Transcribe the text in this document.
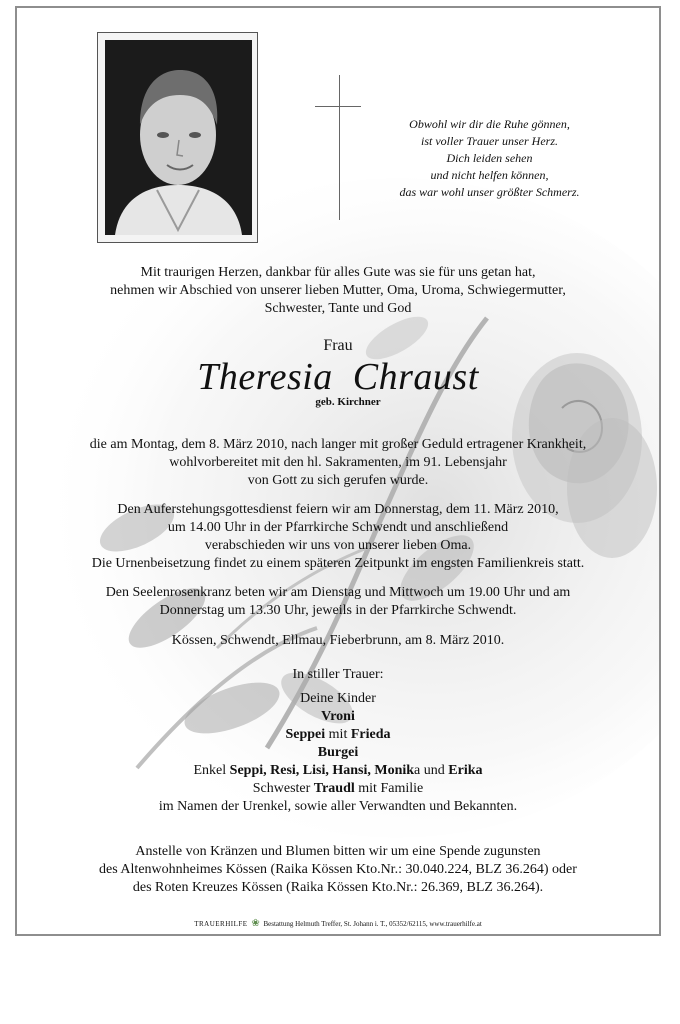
Obwohl wir dir die Ruhe gönnen,
ist voller Trauer unser Herz.
Dich leiden sehen
und nicht helfen können,
das war wohl unser größter Schmerz.
Mit traurigen Herzen, dankbar für alles Gute was sie für uns getan hat,
nehmen wir Abschied von unserer lieben Mutter, Oma, Uroma, Schwiegermutter,
Schwester, Tante und God
Frau
Theresia  Chraust
geb. Kirchner
die am Montag, dem 8. März 2010, nach langer mit großer Geduld ertragener Krankheit,
wohlvorbereitet mit den hl. Sakramenten, im 91. Lebensjahr
von Gott zu sich gerufen wurde.
Den Auferstehungsgottesdienst feiern wir am Donnerstag, dem 11. März 2010,
um 14.00 Uhr in der Pfarrkirche Schwendt und anschließend
verabschieden wir uns von unserer lieben Oma.
Die Urnenbeisetzung findet zu einem späteren Zeitpunkt im engsten Familienkreis statt.
Den Seelenrosenkranz beten wir am Dienstag und Mittwoch um 19.00 Uhr und am
Donnerstag um 13.30 Uhr, jeweils in der Pfarrkirche Schwendt.
Kössen, Schwendt, Ellmau, Fieberbrunn, am 8. März 2010.
In stiller Trauer:
Deine Kinder
Vroni
Seppei mit Frieda
Burgei
Enkel Seppi, Resi, Lisi, Hansi, Monika und Erika
Schwester Traudl mit Familie
im Namen der Urenkel, sowie aller Verwandten und Bekannten.
Anstelle von Kränzen und Blumen bitten wir um eine Spende zugunsten
des Altenwohnheimes Kössen (Raika Kössen Kto.Nr.: 30.040.224, BLZ 36.264) oder
des Roten Kreuzes Kössen (Raika Kössen Kto.Nr.: 26.369, BLZ 36.264).
TRAUERHILFE ❀ Bestattung Helmuth Treffer, St. Johann i. T., 05352/62115, www.trauerhilfe.at
